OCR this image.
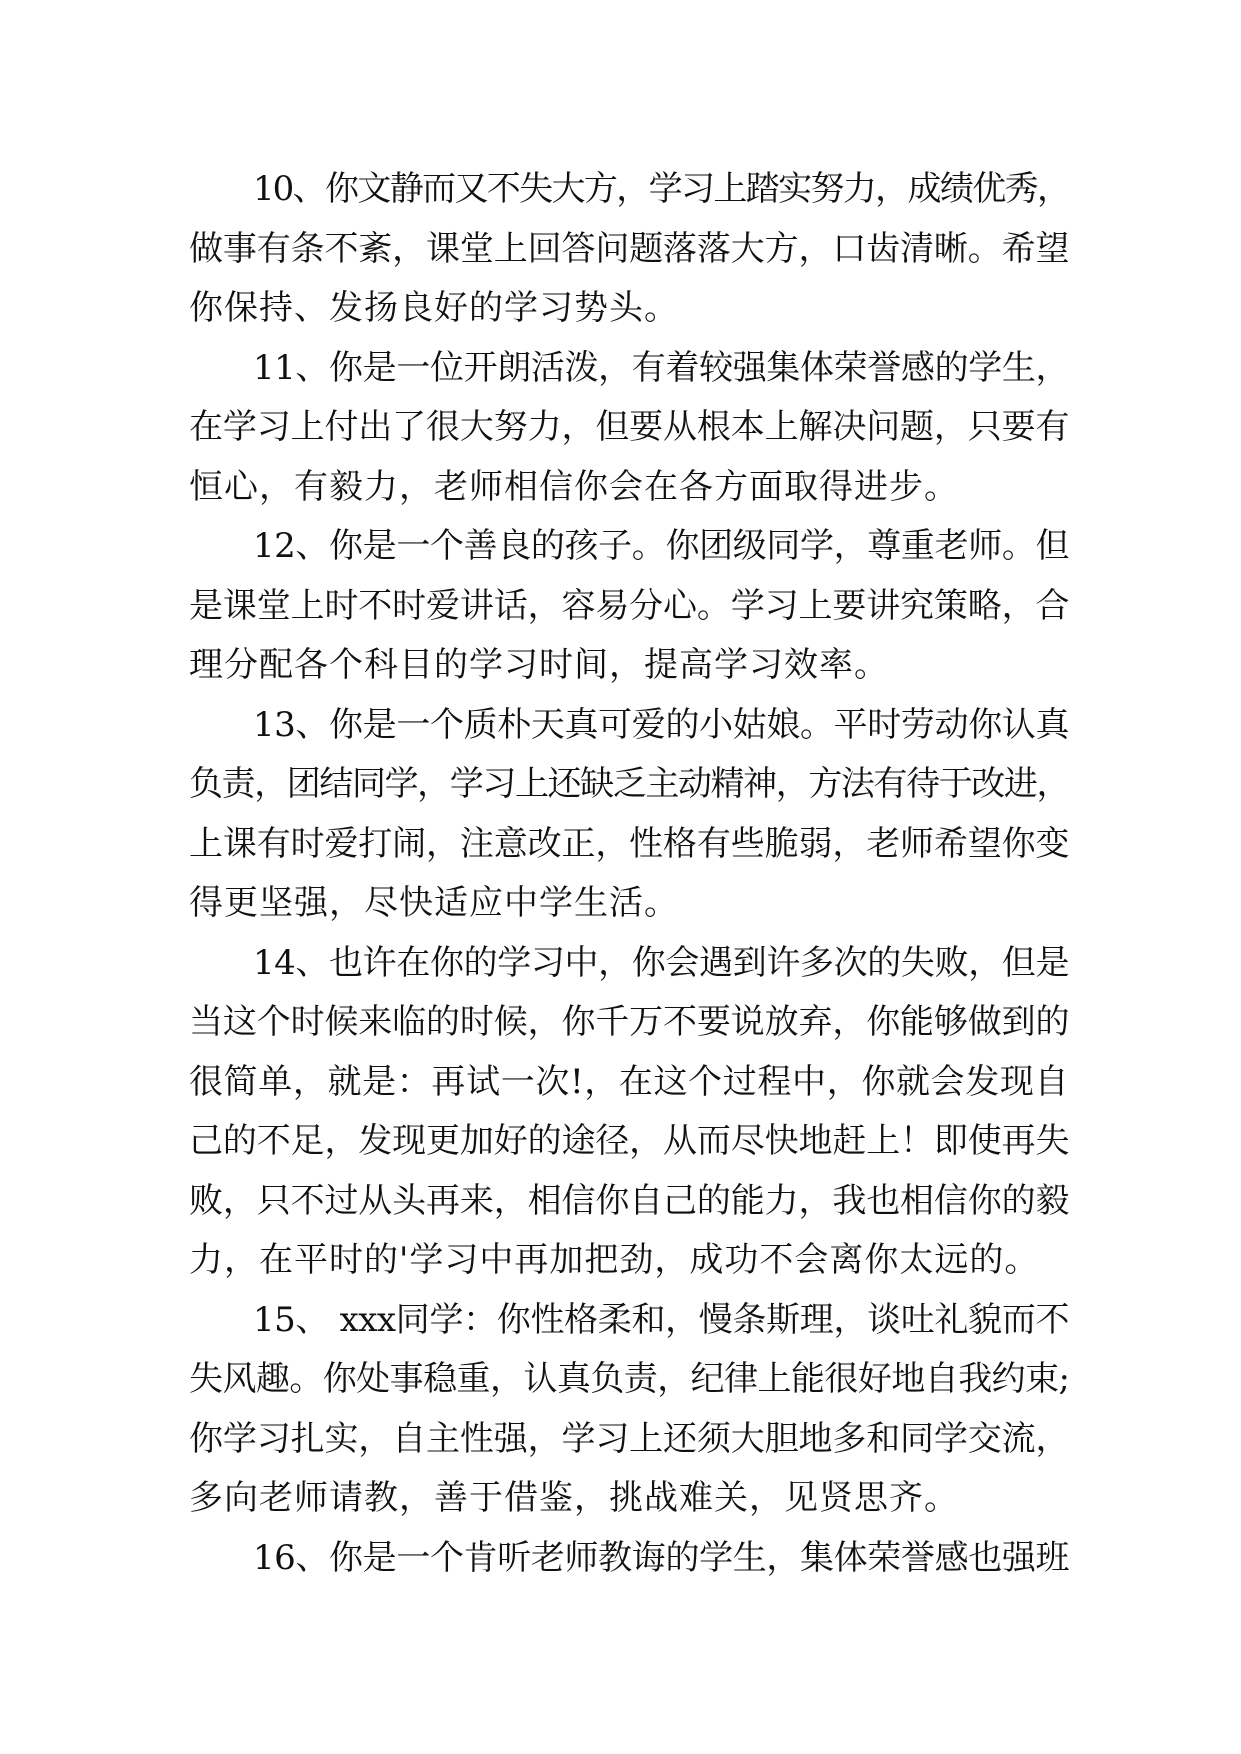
10、你文静而又不失大方，学习上踏实努力，成绩优秀，
做事有条不紊，课堂上回答问题落落大方，口齿清晰。希望
你保持、发扬良好的学习势头。
11、你是一位开朗活泼，有着较强集体荣誉感的学生，
在学习上付出了很大努力，但要从根本上解决问题，只要有
恒心，有毅力，老师相信你会在各方面取得进步。
12、你是一个善良的孩子。你团级同学，尊重老师。但
是课堂上时不时爱讲话，容易分心。学习上要讲究策略，合
理分配各个科目的学习时间，提高学习效率。
13、你是一个质朴天真可爱的小姑娘。平时劳动你认真
负责，团结同学，学习上还缺乏主动精神，方法有待于改进，
上课有时爱打闹，注意改正，性格有些脆弱，老师希望你变
得更坚强，尽快适应中学生活。
14、也许在你的学习中，你会遇到许多次的失败，但是
当这个时候来临的时候，你千万不要说放弃，你能够做到的
很简单，就是：再试一次!，在这个过程中，你就会发现自
己的不足，发现更加好的途径，从而尽快地赶上！即使再失
败，只不过从头再来，相信你自己的能力，我也相信你的毅
力，在平时的'学习中再加把劲，成功不会离你太远的。
15、 xxx同学：你性格柔和，慢条斯理，谈吐礼貌而不
失风趣。你处事稳重，认真负责，纪律上能很好地自我约束;
你学习扎实，自主性强，学习上还须大胆地多和同学交流，
多向老师请教，善于借鉴，挑战难关，见贤思齐。
16、你是一个肯听老师教诲的学生，集体荣誉感也强班
